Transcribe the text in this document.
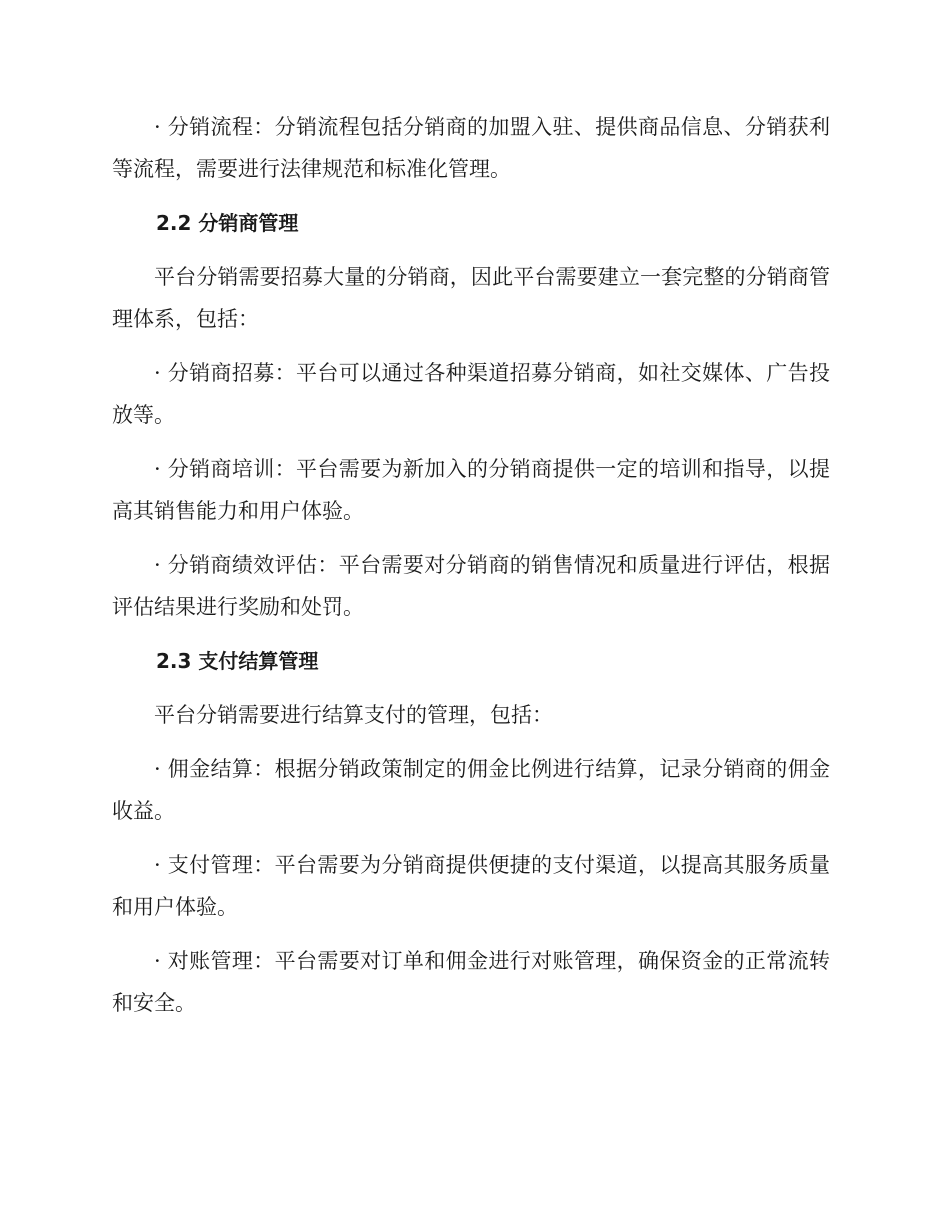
· 分销流程：分销流程包括分销商的加盟入驻、提供商品信息、分销获利等流程，需要进行法律规范和标准化管理。

2.2 分销商管理

平台分销需要招募大量的分销商，因此平台需要建立一套完整的分销商管理体系，包括：

· 分销商招募：平台可以通过各种渠道招募分销商，如社交媒体、广告投放等。

· 分销商培训：平台需要为新加入的分销商提供一定的培训和指导，以提高其销售能力和用户体验。

· 分销商绩效评估：平台需要对分销商的销售情况和质量进行评估，根据评估结果进行奖励和处罚。

2.3 支付结算管理

平台分销需要进行结算支付的管理，包括：

· 佣金结算：根据分销政策制定的佣金比例进行结算，记录分销商的佣金收益。

· 支付管理：平台需要为分销商提供便捷的支付渠道，以提高其服务质量和用户体验。

· 对账管理：平台需要对订单和佣金进行对账管理，确保资金的正常流转和安全。
